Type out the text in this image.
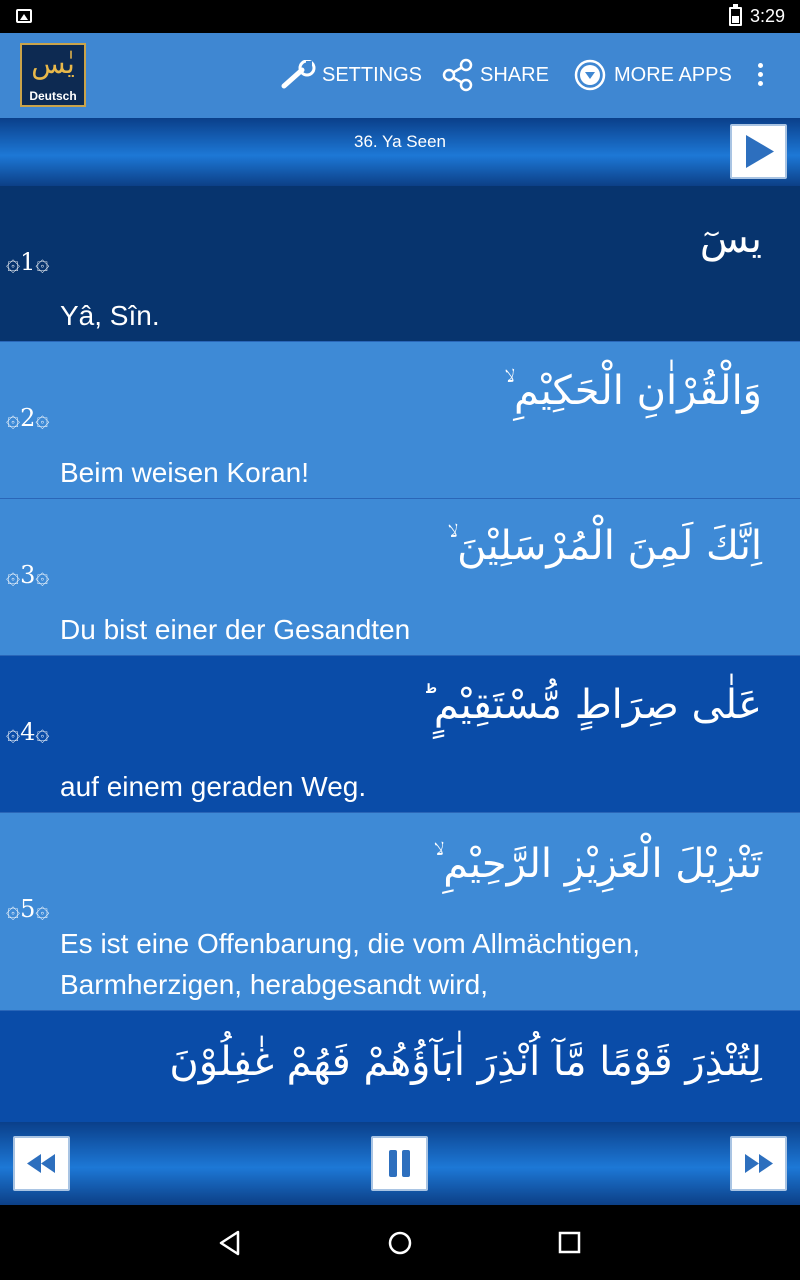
3:29
يٰس
Deutsch
SETTINGS	SHARE	MORE APPS
36. Ya Seen
يسٓ
۞1۞
Yâ, Sîn.
وَالْقُرْاٰنِ الْحَكِيْمِ ۙ
۞2۞
Beim weisen Koran!
اِنَّكَ لَمِنَ الْمُرْسَلِيْنَ ۙ
۞3۞
Du bist einer der Gesandten
عَلٰى صِرَاطٍ مُّسْتَقِيْمٍ ؕ
۞4۞
auf einem geraden Weg.
تَنْزِيْلَ الْعَزِيْزِ الرَّحِيْمِ ۙ
۞5۞
Es ist eine Offenbarung, die vom Allmächtigen,
Barmherzigen, herabgesandt wird,
لِتُنْذِرَ قَوْمًا مَّآ اُنْذِرَ اٰبَآؤُهُمْ فَهُمْ غٰفِلُوْنَ
